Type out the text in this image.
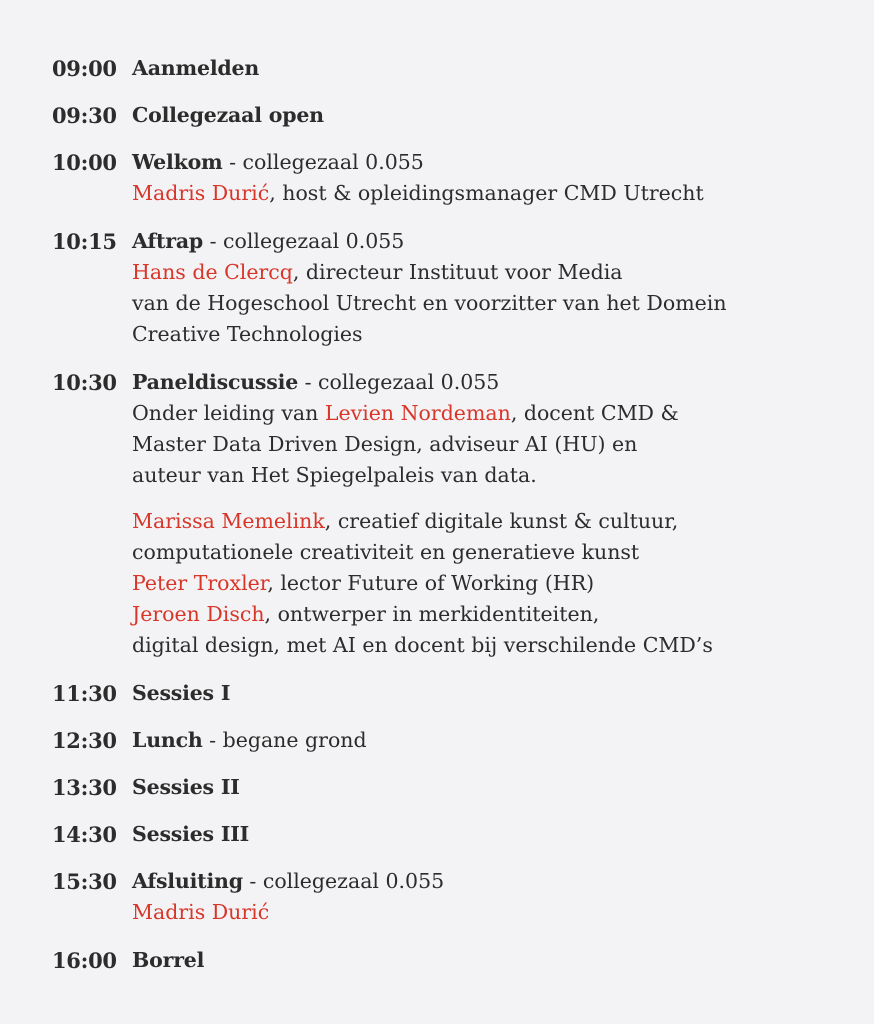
09:00 Aanmelden
09:30 Collegezaal open
10:00 Welkom - collegezaal 0.055
Madris Durić, host & opleidingsmanager CMD Utrecht
10:15 Aftrap - collegezaal 0.055
Hans de Clercq, directeur Instituut voor Media
van de Hogeschool Utrecht en voorzitter van het Domein
Creative Technologies
10:30 Paneldiscussie - collegezaal 0.055
Onder leiding van Levien Nordeman, docent CMD &
Master Data Driven Design, adviseur AI (HU) en
auteur van Het Spiegelpaleis van data.
Marissa Memelink, creatief digitale kunst & cultuur,
computationele creativiteit en generatieve kunst
Peter Troxler, lector Future of Working (HR)
Jeroen Disch, ontwerper in merkidentiteiten,
digital design, met AI en docent bij verschilende CMD’s
11:30 Sessies I
12:30 Lunch - begane grond
13:30 Sessies II
14:30 Sessies III
15:30 Afsluiting - collegezaal 0.055
Madris Durić
16:00 Borrel
